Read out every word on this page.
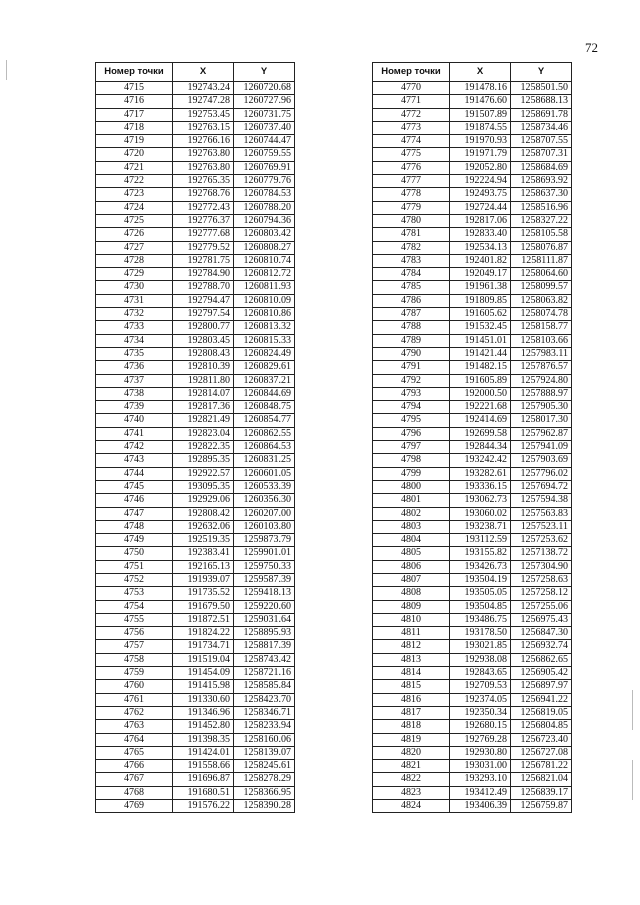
72
Номер точки	X	Y
4715	192743.24	1260720.68
4716	192747.28	1260727.96
4717	192753.45	1260731.75
4718	192763.15	1260737.40
4719	192766.16	1260744.47
4720	192763.80	1260759.55
4721	192763.80	1260769.91
4722	192765.35	1260779.76
4723	192768.76	1260784.53
4724	192772.43	1260788.20
4725	192776.37	1260794.36
4726	192777.68	1260803.42
4727	192779.52	1260808.27
4728	192781.75	1260810.74
4729	192784.90	1260812.72
4730	192788.70	1260811.93
4731	192794.47	1260810.09
4732	192797.54	1260810.86
4733	192800.77	1260813.32
4734	192803.45	1260815.33
4735	192808.43	1260824.49
4736	192810.39	1260829.61
4737	192811.80	1260837.21
4738	192814.07	1260844.69
4739	192817.36	1260848.75
4740	192821.49	1260854.77
4741	192823.04	1260862.55
4742	192822.35	1260864.53
4743	192895.35	1260831.25
4744	192922.57	1260601.05
4745	193095.35	1260533.39
4746	192929.06	1260356.30
4747	192808.42	1260207.00
4748	192632.06	1260103.80
4749	192519.35	1259873.79
4750	192383.41	1259901.01
4751	192165.13	1259750.33
4752	191939.07	1259587.39
4753	191735.52	1259418.13
4754	191679.50	1259220.60
4755	191872.51	1259031.64
4756	191824.22	1258895.93
4757	191734.71	1258817.39
4758	191519.04	1258743.42
4759	191454.09	1258721.16
4760	191415.98	1258585.84
4761	191330.60	1258423.70
4762	191346.96	1258346.71
4763	191452.80	1258233.94
4764	191398.35	1258160.06
4765	191424.01	1258139.07
4766	191558.66	1258245.61
4767	191696.87	1258278.29
4768	191680.51	1258366.95
4769	191576.22	1258390.28
Номер точки	X	Y
4770	191478.16	1258501.50
4771	191476.60	1258688.13
4772	191507.89	1258691.78
4773	191874.55	1258734.46
4774	191970.93	1258707.55
4775	191971.79	1258707.31
4776	192052.80	1258684.69
4777	192224.94	1258693.92
4778	192493.75	1258637.30
4779	192724.44	1258516.96
4780	192817.06	1258327.22
4781	192833.40	1258105.58
4782	192534.13	1258076.87
4783	192401.82	1258111.87
4784	192049.17	1258064.60
4785	191961.38	1258099.57
4786	191809.85	1258063.82
4787	191605.62	1258074.78
4788	191532.45	1258158.77
4789	191451.01	1258103.66
4790	191421.44	1257983.11
4791	191482.15	1257876.57
4792	191605.89	1257924.80
4793	192000.50	1257888.97
4794	192221.68	1257905.30
4795	192414.69	1258017.30
4796	192699.58	1257962.87
4797	192844.34	1257941.09
4798	193242.42	1257903.69
4799	193282.61	1257796.02
4800	193336.15	1257694.72
4801	193062.73	1257594.38
4802	193060.02	1257563.83
4803	193238.71	1257523.11
4804	193112.59	1257253.62
4805	193155.82	1257138.72
4806	193426.73	1257304.90
4807	193504.19	1257258.63
4808	193505.05	1257258.12
4809	193504.85	1257255.06
4810	193486.75	1256975.43
4811	193178.50	1256847.30
4812	193021.85	1256932.74
4813	192938.08	1256862.65
4814	192843.65	1256905.42
4815	192709.53	1256897.97
4816	192374.05	1256941.22
4817	192350.34	1256819.05
4818	192680.15	1256804.85
4819	192769.28	1256723.40
4820	192930.80	1256727.08
4821	193031.00	1256781.22
4822	193293.10	1256821.04
4823	193412.49	1256839.17
4824	193406.39	1256759.87
